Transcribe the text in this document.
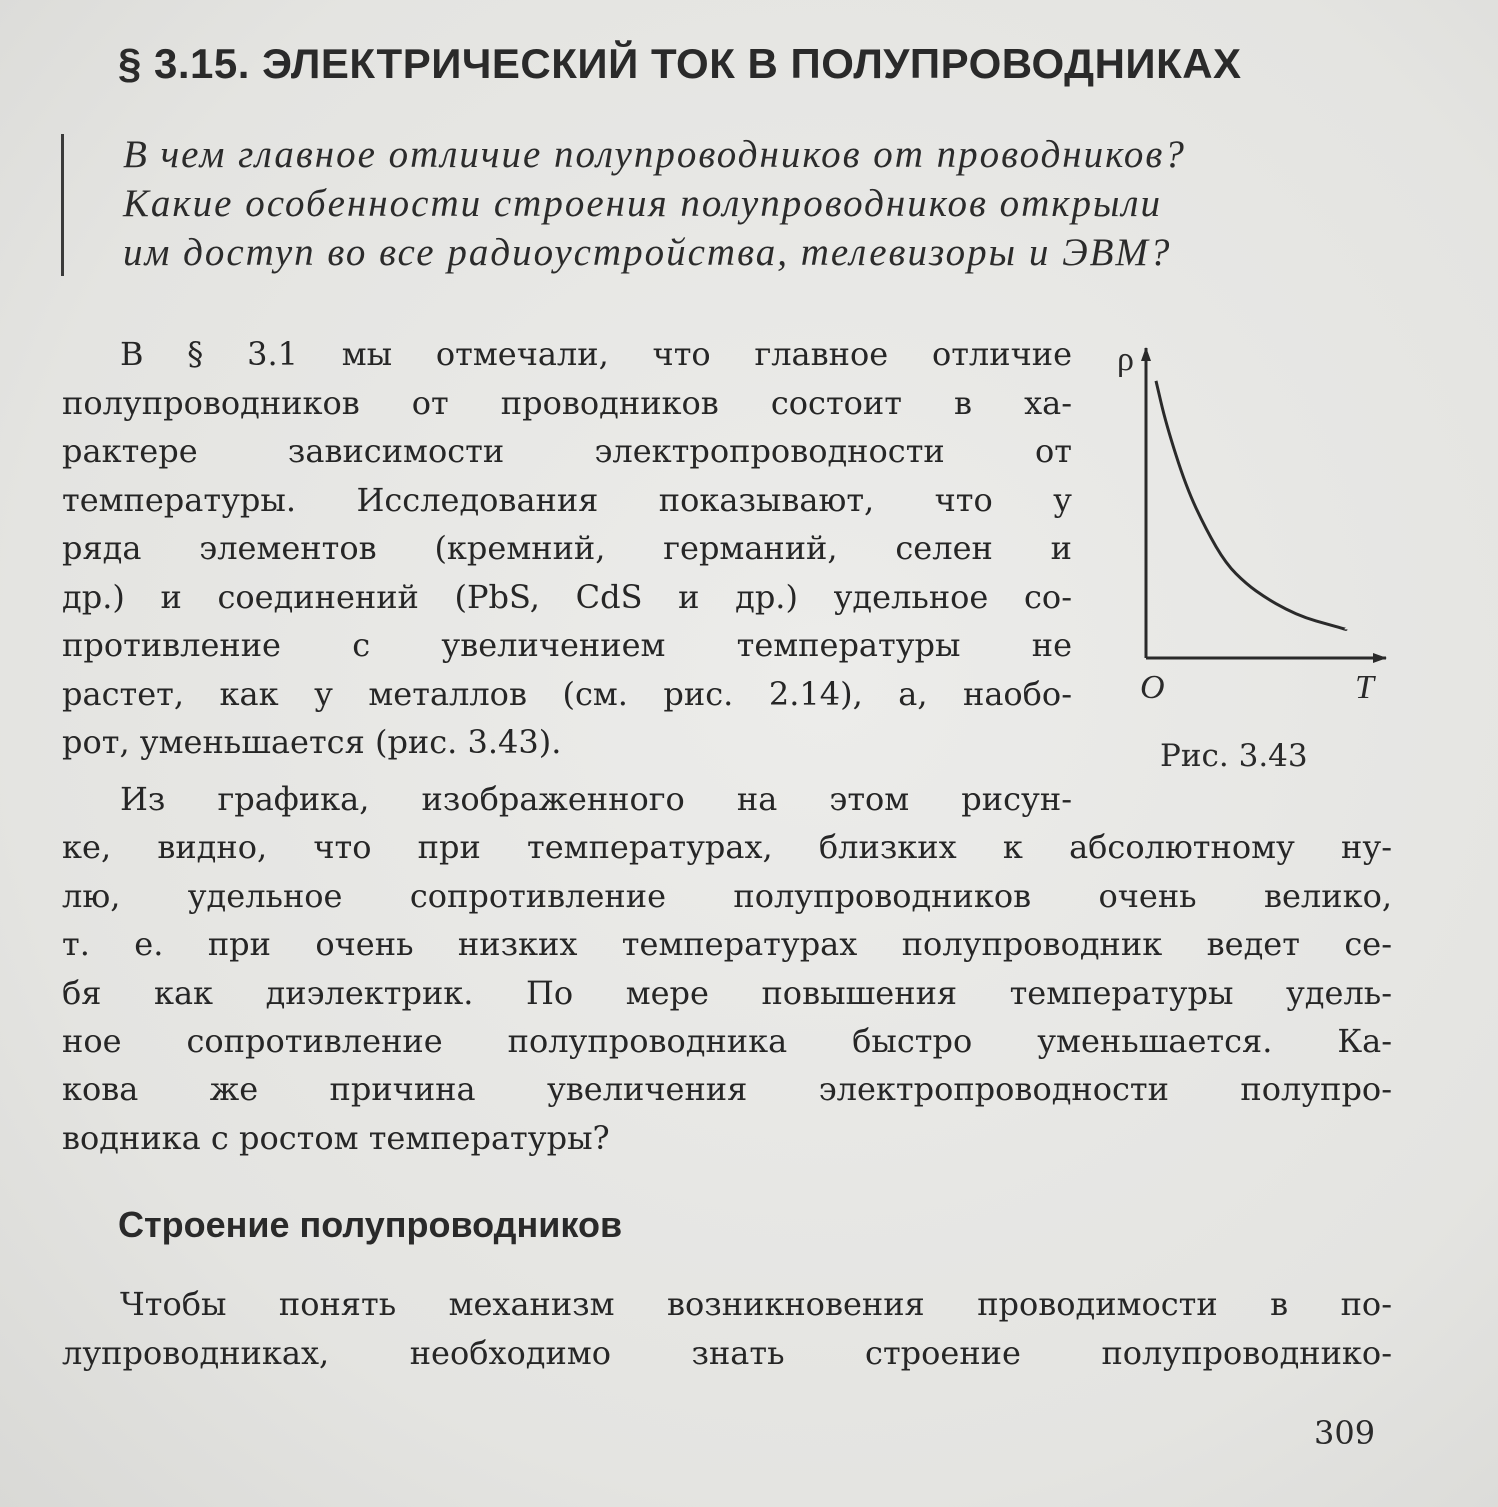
§ 3.15. ЭЛЕКТРИЧЕСКИЙ ТОК В ПОЛУПРОВОДНИКАХ
В чем главное отличие полупроводников от проводников?
Какие особенности строения полупроводников открыли
им доступ во все радиоустройства, телевизоры и ЭВМ?
В § 3.1 мы отмечали, что главное отличие
полупроводников от проводников состоит в ха-
рактере зависимости электропроводности от
температуры. Исследования показывают, что у
ряда элементов (кремний, германий, селен и
др.) и соединений (PbS, CdS и др.) удельное со-
противление с увеличением температуры не
растет, как у металлов (см. рис. 2.14), а, наобо-
рот, уменьшается (рис. 3.43).
ρ
O	T
Рис. 3.43
Из графика, изображенного на этом рисун-
ке, видно, что при температурах, близких к абсолютному ну-
лю, удельное сопротивление полупроводников очень велико,
т. е. при очень низких температурах полупроводник ведет се-
бя как диэлектрик. По мере повышения температуры удель-
ное сопротивление полупроводника быстро уменьшается. Ка-
кова же причина увеличения электропроводности полупро-
водника с ростом температуры?
Строение полупроводников
Чтобы понять механизм возникновения проводимости в по-
лупроводниках, необходимо знать строение полупроводнико-
309
